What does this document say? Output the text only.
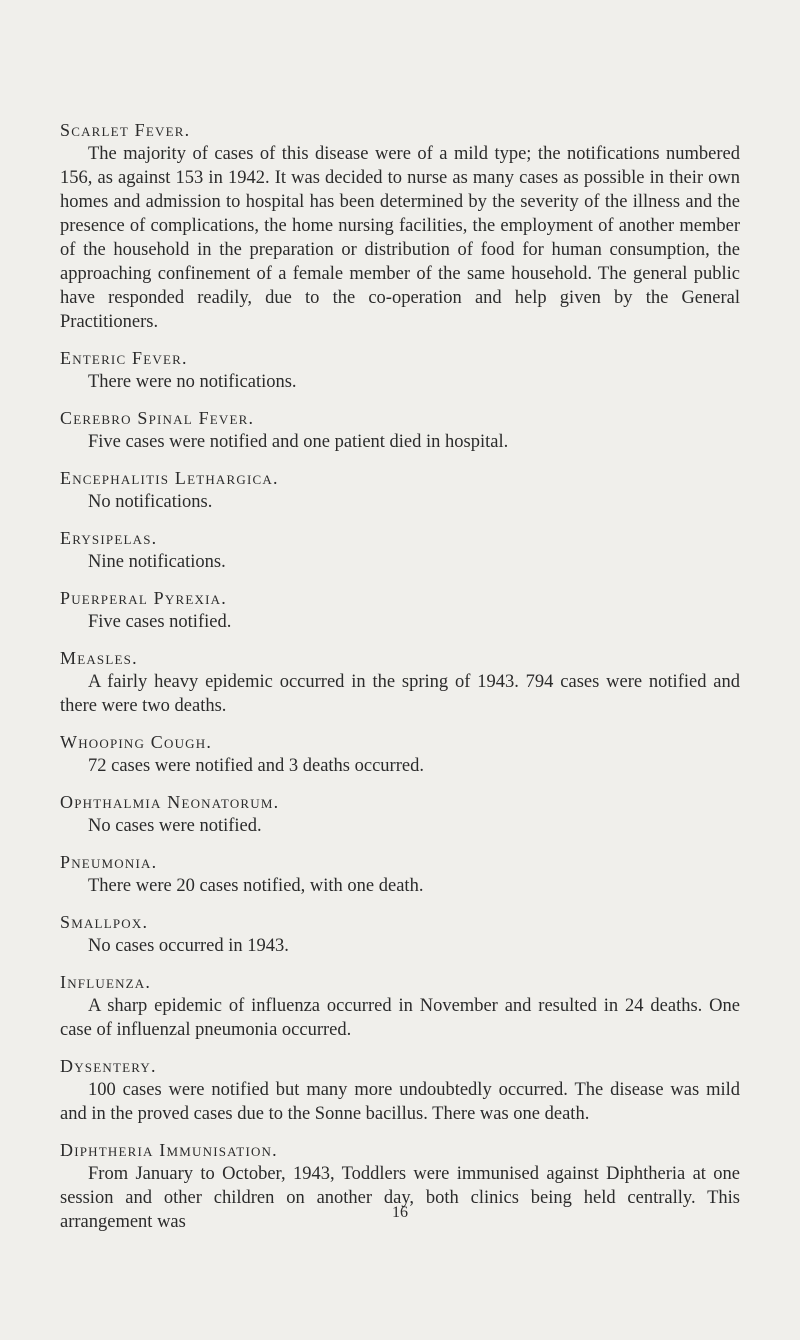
Scarlet Fever.

The majority of cases of this disease were of a mild type; the notifications numbered 156, as against 153 in 1942. It was decided to nurse as many cases as possible in their own homes and admission to hospital has been determined by the severity of the illness and the presence of complications, the home nursing facilities, the employment of another member of the household in the preparation or distribution of food for human consumption, the approaching confinement of a female member of the same household. The general public have responded readily, due to the co-operation and help given by the General Practitioners.

Enteric Fever.

There were no notifications.

Cerebro Spinal Fever.

Five cases were notified and one patient died in hospital.

Encephalitis Lethargica.

No notifications.

Erysipelas.

Nine notifications.

Puerperal Pyrexia.

Five cases notified.

Measles.

A fairly heavy epidemic occurred in the spring of 1943. 794 cases were notified and there were two deaths.

Whooping Cough.

72 cases were notified and 3 deaths occurred.

Ophthalmia Neonatorum.

No cases were notified.

Pneumonia.

There were 20 cases notified, with one death.

Smallpox.

No cases occurred in 1943.

Influenza.

A sharp epidemic of influenza occurred in November and resulted in 24 deaths. One case of influenzal pneumonia occurred.

Dysentery.

100 cases were notified but many more undoubtedly occurred. The disease was mild and in the proved cases due to the Sonne bacillus. There was one death.

Diphtheria Immunisation.

From January to October, 1943, Toddlers were immunised against Diphtheria at one session and other children on another day, both clinics being held centrally. This arrangement was	16
